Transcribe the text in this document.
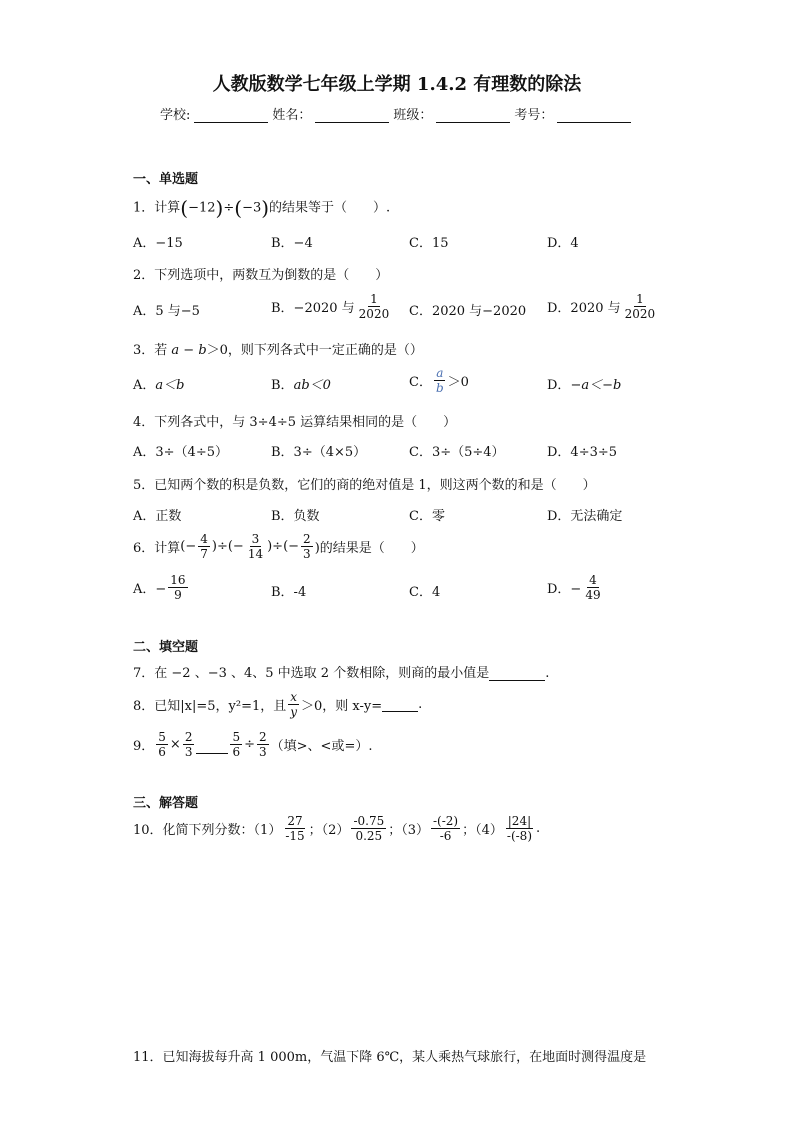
人教版数学七年级上学期 1.4.2 有理数的除法
学校:	姓名：	班级：	考号：
一、单选题
1．计算(−12)÷(−3)的结果等于（　　）.
A．−15	B．−4	C．15	D．4
2．下列选项中，两数互为倒数的是（　　）
A．5 与−5	B．−2020 与 $\frac{1}{2020}$ C．2020 与−2020 D．2020 与 $\frac{1}{2020}$
3．若 a − b＞0，则下列各式中一定正确的是（）
A． a＜b	B． ab＜0	C． $\frac{a}{b} >0$	D． −a＜−b
4．下列各式中，与 3÷4÷5 运算结果相同的是（　　）
A．3÷（4÷5）	B．3÷（4×5）	C．3÷（5÷4）	D．4÷3÷5
5．已知两个数的积是负数，它们的商的绝对值是 1，则这两个数的和是（　　）
A．正数	B．负数	C．零	D．无法确定
6．计算 (− $\frac{4}{7}$ )÷(− $\frac{3}{14}$ )÷(− $\frac{2}{3}$ )的结果是（　　）
A．− $\frac{16}{9}$	B．-4	C．4	D．− $\frac{4}{49}$
二、填空题
7．在 −2 、−3 、4、5 中选取 2 个数相除，则商的最小值是	.
8．已知|x|=5，y²=1，且 $\frac{x}{y} >0$，则 x-y=	.
9． $\frac{5}{6} \times \frac{2}{3}$	$\frac{5}{6} \div \frac{2}{3}$ （填>、<或=）.
三、解答题
10．化简下列分数：$(1) \frac{27}{-15}$ ；$(2) \frac{-0.75}{0.25}$ ；$(3) \frac{-(-2)}{-6}$ ；$(4) \frac{|24|}{-(-8)}$ .
11．已知海拔每升高 1 000m，气温下降 6℃，某人乘热气球旅行，在地面时测得温度是
